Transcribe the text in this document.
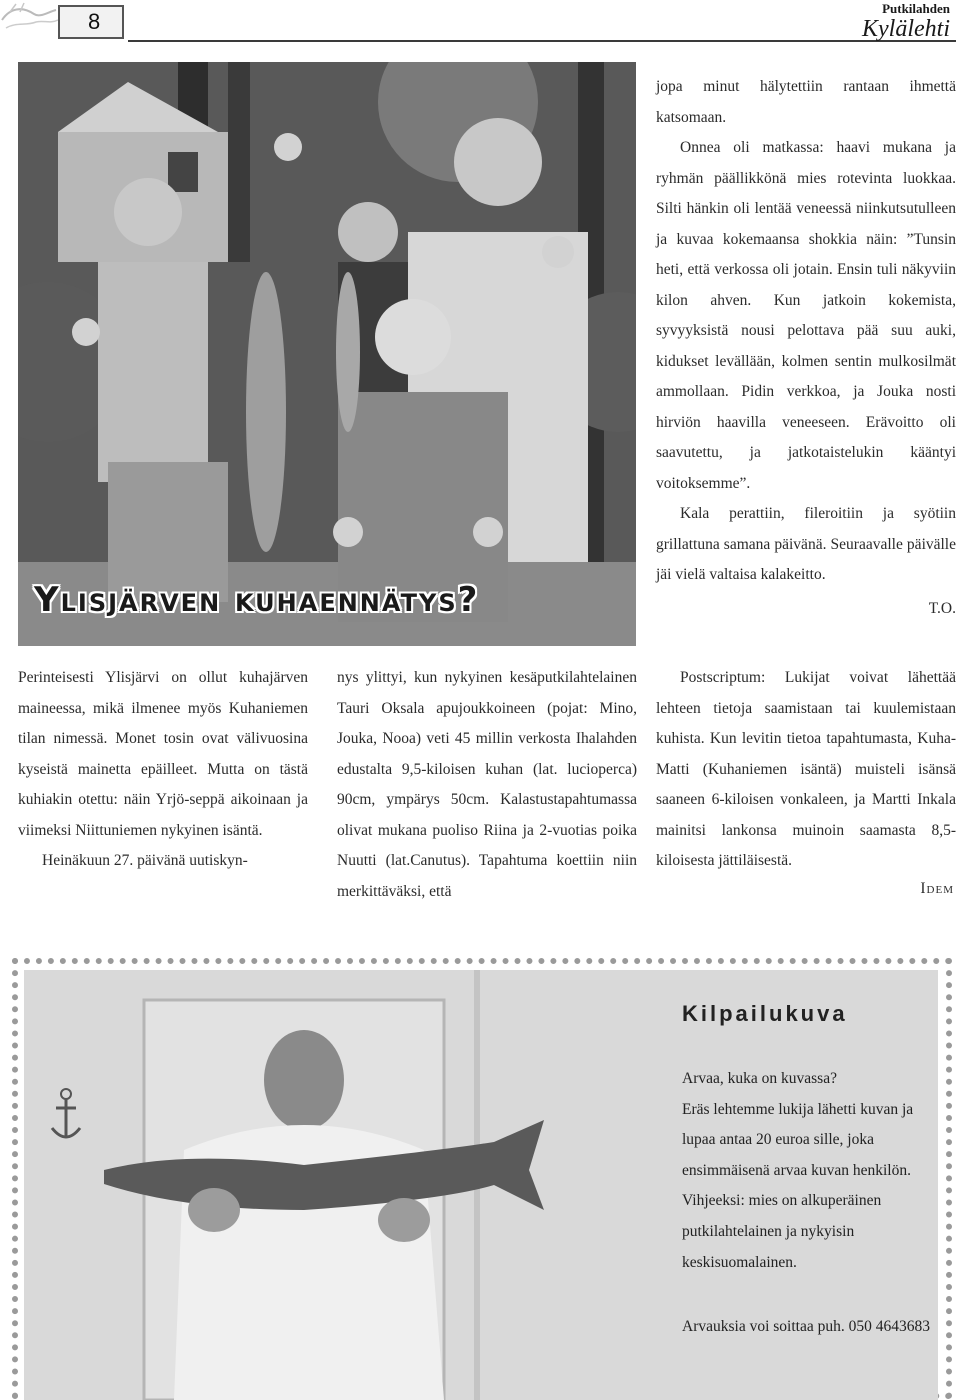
8
Putkilahden
Kylälehti
Ylisjärven kuhaennätys?

jopa minut hälytettiin rantaan ihmettä katsomaan.

Onnea oli matkassa: haavi mukana ja ryhmän päällikkönä mies rotevinta luokkaa. Silti hänkin oli lentää veneessä niinkutsutulleen ja kuvaa kokemaansa shokkia näin: ”Tunsin heti, että verkossa oli jotain. Ensin tuli näkyviin kilon ahven. Kun jatkoin kokemista, syvyyksistä nousi pelottava pää suu auki, kidukset levällään, kolmen sentin mulkosilmät ammollaan. Pidin verkkoa, ja Jouka nosti hirviön haavilla veneeseen. Erävoitto oli saavutettu, ja jatkotaistelukin kääntyi voitoksemme”.

Kala perattiin, fileroitiin ja syötiin grillattuna samana päivänä. Seuraavalle päivälle jäi vielä valtaisa kalakeitto.

T.O.

Perinteisesti Ylisjärvi on ollut kuhajärven maineessa, mikä ilmenee myös Kuhaniemen tilan nimessä. Monet tosin ovat välivuosina kyseistä mainetta epäilleet. Mutta on tästä kuhiakin otettu: näin Yrjö-seppä aikoinaan ja viimeksi Niittuniemen nykyinen isäntä.

Heinäkuun 27. päivänä uutiskyn-

nys ylittyi, kun nykyinen kesäputkilahtelainen Tauri Oksala apujoukkoineen (pojat: Mino, Jouka, Nooa) veti 45 millin verkosta Ihalahden edustalta 9,5-kiloisen kuhan (lat. lucioperca) 90cm, ympärys 50cm. Kalastustapahtumassa olivat mukana puoliso Riina ja 2-vuotias poika Nuutti (lat.Canutus). Tapahtuma koettiin niin merkittäväksi, että

Postscriptum: Lukijat voivat lähettää lehteen tietoja saamistaan tai kuulemistaan kuhista. Kun levitin tietoa tapahtumasta, Kuha-Matti (Kuhaniemen isäntä) muisteli isänsä saaneen 6-kiloisen vonkaleen, ja Martti Inkala mainitsi lankonsa muinoin saamasta 8,5-kiloisesta jättiläisestä.

Idem
Kilpailukuva

Arvaa, kuka on kuvassa?

Eräs lehtemme lukija lähetti kuvan ja lupaa antaa 20 euroa sille, joka ensimmäisenä arvaa kuvan henkilön.

Vihjeeksi: mies on alkuperäinen putkilahtelainen ja nykyisin keskisuomalainen.

Arvauksia voi soittaa puh. 050 4643683
